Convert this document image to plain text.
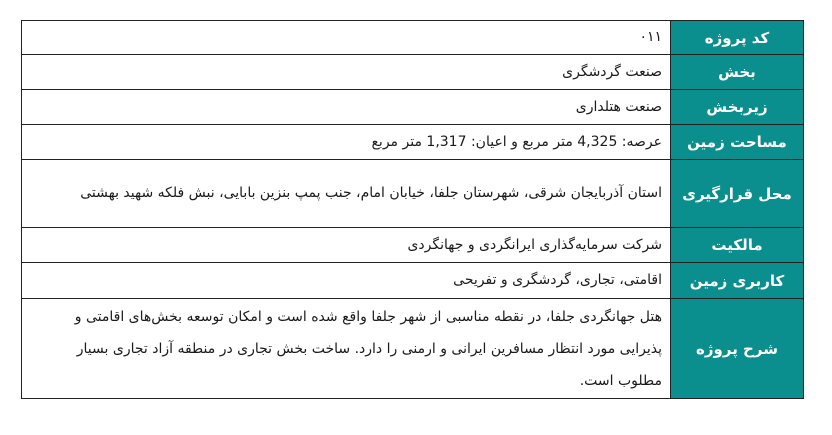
کد پروژه	۰۱۱
بخش	صنعت گردشگری
زیربخش	صنعت هتلداری
مساحت زمین	عرصه: 4,325 متر مربع و اعیان: 1,317 متر مربع
محل قرارگیری	استان آذربایجان شرقی، شهرستان جلفا، خیابان امام، جنب پمپ بنزین بابایی، نبش فلکه شهید بهشتی
مالکیت	شرکت سرمایه‌گذاری ایرانگردی و جهانگردی
کاربری زمین	اقامتی، تجاری، گردشگری و تفریحی
شرح پروژه	هتل جهانگردی جلفا، در نقطه مناسبی از شهر جلفا واقع شده است و امکان توسعه بخش‌های اقامتی و پذیرایی مورد انتظار مسافرین ایرانی و ارمنی را دارد. ساخت بخش تجاری در منطقه آزاد تجاری بسیار مطلوب است.
